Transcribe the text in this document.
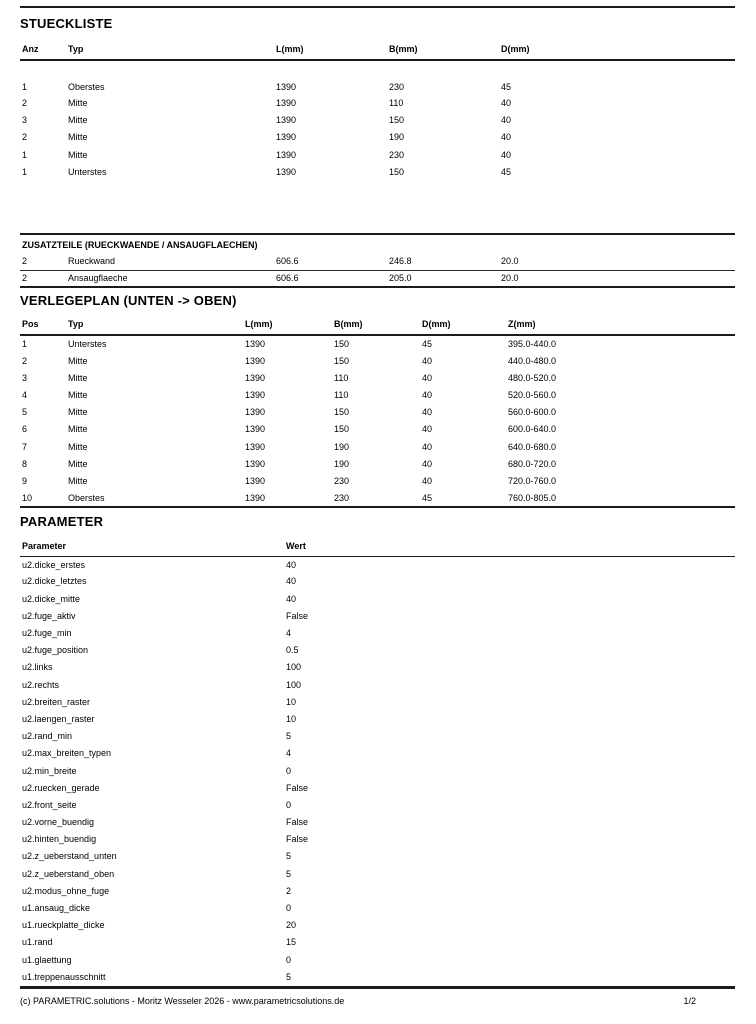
STUECKLISTE
Anz	Typ	L(mm)	B(mm)	D(mm)
1	Oberstes	1390	230	45
2	Mitte	1390	110	40
3	Mitte	1390	150	40
2	Mitte	1390	190	40
1	Mitte	1390	230	40
1	Unterstes	1390	150	45
ZUSATZTEILE (RUECKWAENDE / ANSAUGFLAECHEN)
2	Rueckwand	606.6	246.8	20.0
2	Ansaugflaeche	606.6	205.0	20.0
VERLEGEPLAN (UNTEN -> OBEN)
Pos	Typ	L(mm)	B(mm)	D(mm)	Z(mm)
1	Unterstes	1390	150	45	395.0-440.0
2	Mitte	1390	150	40	440.0-480.0
3	Mitte	1390	110	40	480.0-520.0
4	Mitte	1390	110	40	520.0-560.0
5	Mitte	1390	150	40	560.0-600.0
6	Mitte	1390	150	40	600.0-640.0
7	Mitte	1390	190	40	640.0-680.0
8	Mitte	1390	190	40	680.0-720.0
9	Mitte	1390	230	40	720.0-760.0
10	Oberstes	1390	230	45	760.0-805.0
PARAMETER
Parameter	Wert
u2.dicke_erstes	40
u2.dicke_letztes	40
u2.dicke_mitte	40
u2.fuge_aktiv	False
u2.fuge_min	4
u2.fuge_position	0.5
u2.links	100
u2.rechts	100
u2.breiten_raster	10
u2.laengen_raster	10
u2.rand_min	5
u2.max_breiten_typen	4
u2.min_breite	0
u2.ruecken_gerade	False
u2.front_seite	0
u2.vorne_buendig	False
u2.hinten_buendig	False
u2.z_ueberstand_unten	5
u2.z_ueberstand_oben	5
u2.modus_ohne_fuge	2
u1.ansaug_dicke	0
u1.rueckplatte_dicke	20
u1.rand	15
u1.glaettung	0
u1.treppenausschnitt	5
(c) PARAMETRIC.solutions - Moritz Wesseler 2026 - www.parametricsolutions.de	1/2
